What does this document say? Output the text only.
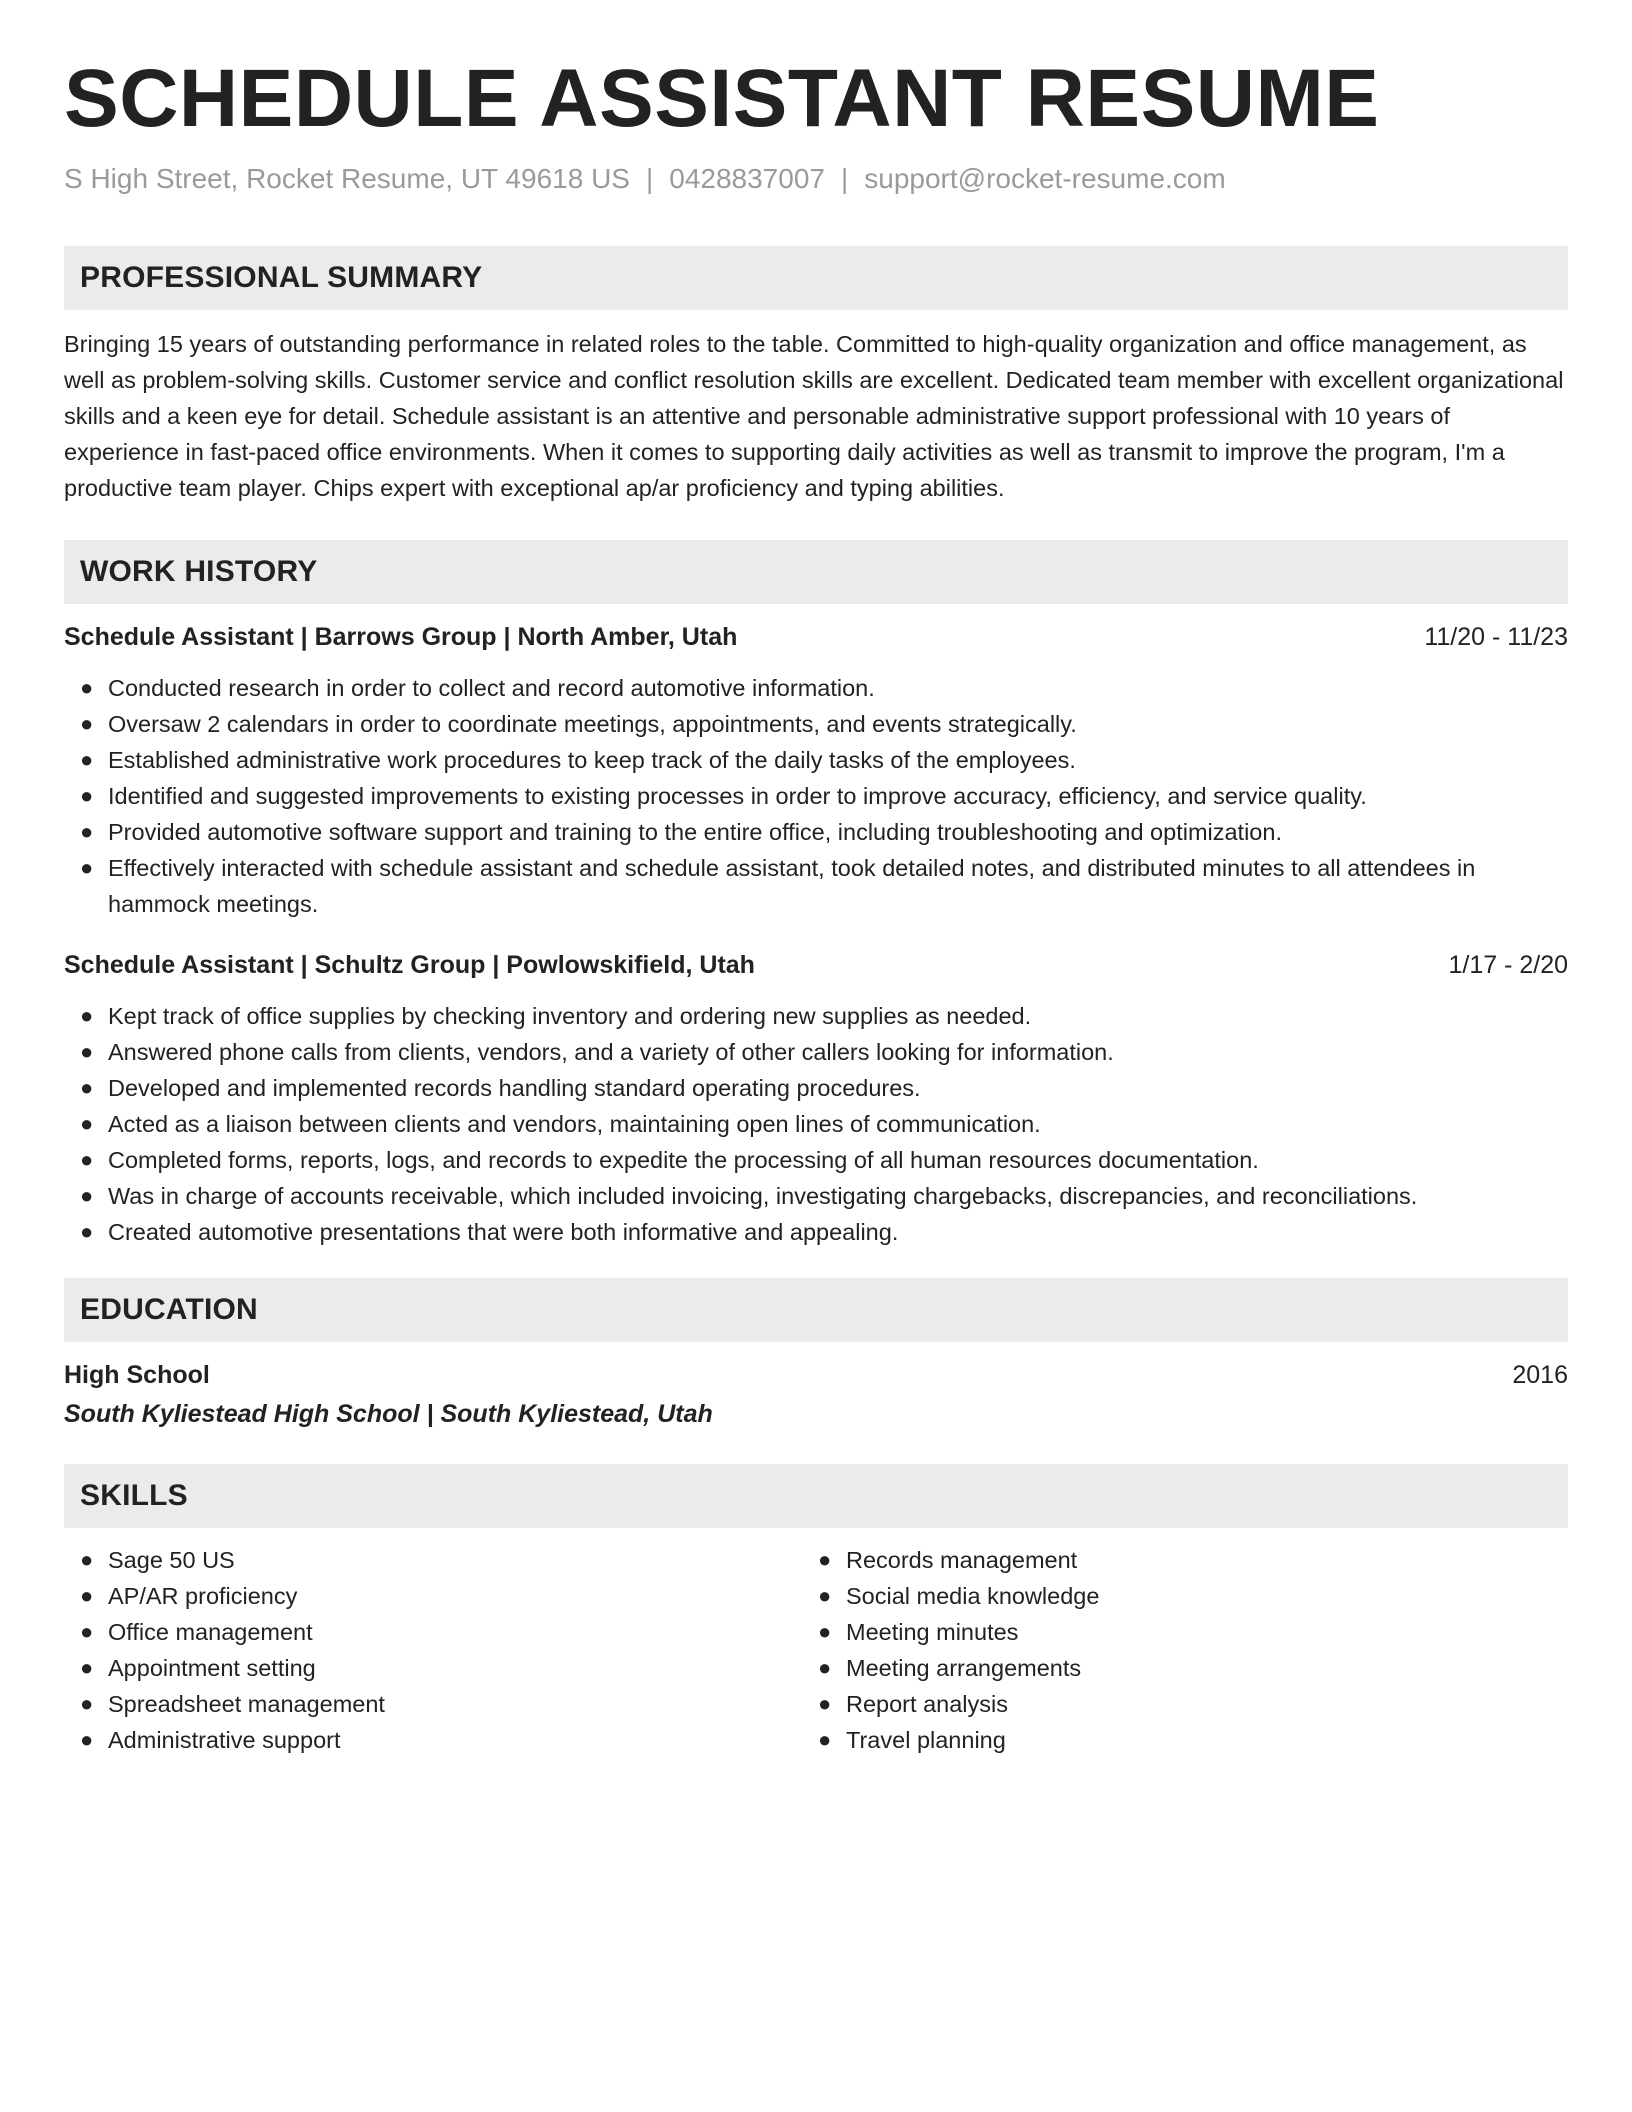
SCHEDULE ASSISTANT RESUME
S High Street, Rocket Resume, UT 49618 US | 0428837007 | support@rocket-resume.com
PROFESSIONAL SUMMARY
Bringing 15 years of outstanding performance in related roles to the table. Committed to high-quality organization and office management, as well as problem-solving skills. Customer service and conflict resolution skills are excellent. Dedicated team member with excellent organizational skills and a keen eye for detail. Schedule assistant is an attentive and personable administrative support professional with 10 years of experience in fast-paced office environments. When it comes to supporting daily activities as well as transmit to improve the program, I'm a productive team player. Chips expert with exceptional ap/ar proficiency and typing abilities.
WORK HISTORY
Schedule Assistant | Barrows Group | North Amber, Utah	11/20 - 11/23
● Conducted research in order to collect and record automotive information.
● Oversaw 2 calendars in order to coordinate meetings, appointments, and events strategically.
● Established administrative work procedures to keep track of the daily tasks of the employees.
● Identified and suggested improvements to existing processes in order to improve accuracy, efficiency, and service quality.
● Provided automotive software support and training to the entire office, including troubleshooting and optimization.
● Effectively interacted with schedule assistant and schedule assistant, took detailed notes, and distributed minutes to all attendees in hammock meetings.
Schedule Assistant | Schultz Group | Powlowskifield, Utah	1/17 - 2/20
● Kept track of office supplies by checking inventory and ordering new supplies as needed.
● Answered phone calls from clients, vendors, and a variety of other callers looking for information.
● Developed and implemented records handling standard operating procedures.
● Acted as a liaison between clients and vendors, maintaining open lines of communication.
● Completed forms, reports, logs, and records to expedite the processing of all human resources documentation.
● Was in charge of accounts receivable, which included invoicing, investigating chargebacks, discrepancies, and reconciliations.
● Created automotive presentations that were both informative and appealing.
EDUCATION
High School	2016
South Kyliestead High School | South Kyliestead, Utah
SKILLS
● Sage 50 US
● AP/AR proficiency
● Office management
● Appointment setting
● Spreadsheet management
● Administrative support
● Records management
● Social media knowledge
● Meeting minutes
● Meeting arrangements
● Report analysis
● Travel planning
